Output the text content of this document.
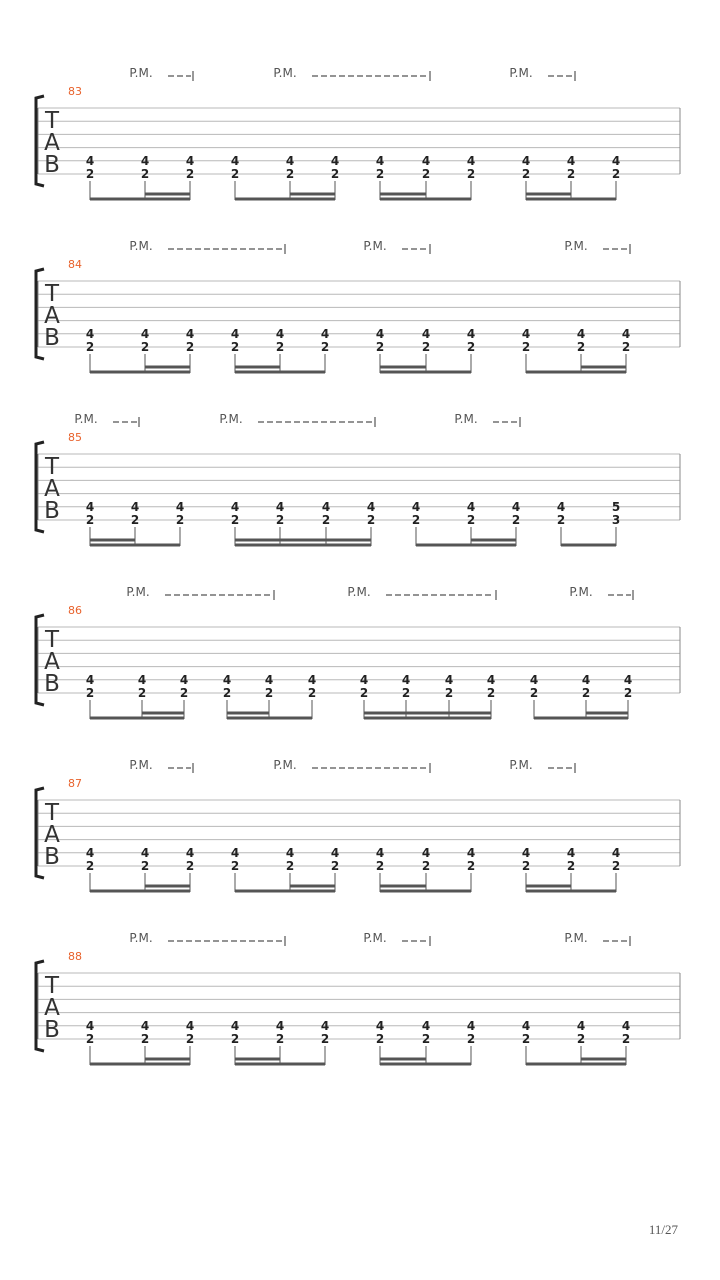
P.M.	P.M.	P.M.
83
T
A
B 4
2
4
2
4
2
4
2
4
2
4
2
4
2
4
2
4
2
4
2
4
2
4
2
P.M.	P.M.	P.M.
84
T
A
B 4
2
4
2
4
2
4
2
4
2
4
2
4
2
4
2
4
2
4
2
4
2
4
2
P.M.	P.M.	P.M.
85
T
A
B 4
2
4
2
4
2
4
2
4
2
4
2
4
2
4
2
4
2
4
2
4
2
5
3
P.M.	P.M.	P.M.
86
T
A
B 4
2
4
2
4
2
4
2
4
2
4
2
4
2
4
2
4
2
4
2
4
2
4
2
4
2
P.M.	P.M.	P.M.
87
T
A
B 4
2
4
2
4
2
4
2
4
2
4
2
4
2
4
2
4
2
4
2
4
2
4
2
P.M.	P.M.	P.M.
88
T
A
B 4
2
4
2
4
2
4
2
4
2
4
2
4
2
4
2
4
2
4
2
4
2
4
2
11/27
